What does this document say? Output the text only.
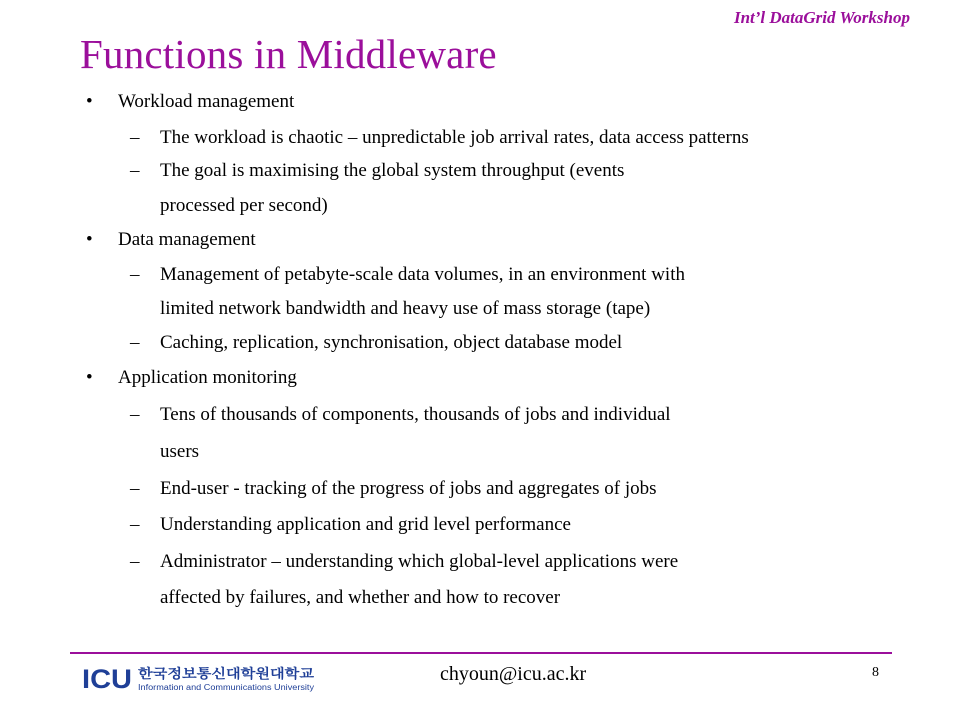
Int’l DataGrid Workshop
Functions in Middleware
• Workload management
– The workload is chaotic – unpredictable job arrival rates, data access patterns
– The goal is maximising the global system throughput (events
processed per second)
• Data management
– Management of petabyte-scale data volumes, in an environment with
limited network bandwidth and heavy use of mass storage (tape)
– Caching, replication, synchronisation, object database model
• Application monitoring
– Tens of thousands of components, thousands of jobs and individual
users
– End-user - tracking of the progress of jobs and aggregates of jobs
– Understanding application and grid level performance
– Administrator – understanding which global-level applications were
affected by failures, and whether and how to recover
ICU 한국정보통신대학원대학교
Information and Communications University
chyoun@icu.ac.kr	8
